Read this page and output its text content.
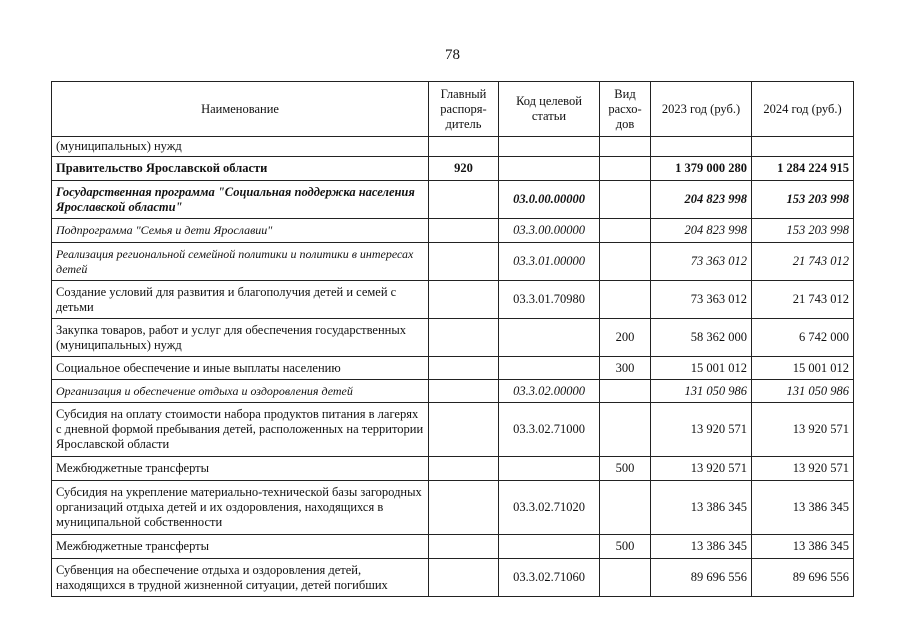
78
Наименование	Главный распоря-дитель	Код целевой статьи	Вид расхо-дов	2023 год (руб.)	2024 год (руб.)
(муниципальных) нужд					
Правительство Ярославской области	920			1 379 000 280	1 284 224 915
Государственная программа "Социальная поддержка населения Ярославской области"		03.0.00.00000		204 823 998	153 203 998
Подпрограмма "Семья и дети Ярославии"		03.3.00.00000		204 823 998	153 203 998
Реализация региональной семейной политики и политики в интересах детей		03.3.01.00000		73 363 012	21 743 012
Создание условий для развития и благополучия детей и семей с детьми		03.3.01.70980		73 363 012	21 743 012
Закупка товаров, работ и услуг для обеспечения государственных (муниципальных) нужд			200	58 362 000	6 742 000
Социальное обеспечение и иные выплаты населению			300	15 001 012	15 001 012
Организация и обеспечение отдыха и оздоровления детей		03.3.02.00000		131 050 986	131 050 986
Субсидия на оплату стоимости набора продуктов питания в лагерях с дневной формой пребывания детей, расположенных на территории Ярославской области		03.3.02.71000		13 920 571	13 920 571
Межбюджетные трансферты			500	13 920 571	13 920 571
Субсидия на укрепление материально-технической базы загородных организаций отдыха детей и их оздоровления, находящихся в муниципальной собственности		03.3.02.71020		13 386 345	13 386 345
Межбюджетные трансферты			500	13 386 345	13 386 345
Субвенция на обеспечение отдыха и оздоровления детей, находящихся в трудной жизненной ситуации, детей погибших		03.3.02.71060		89 696 556	89 696 556
